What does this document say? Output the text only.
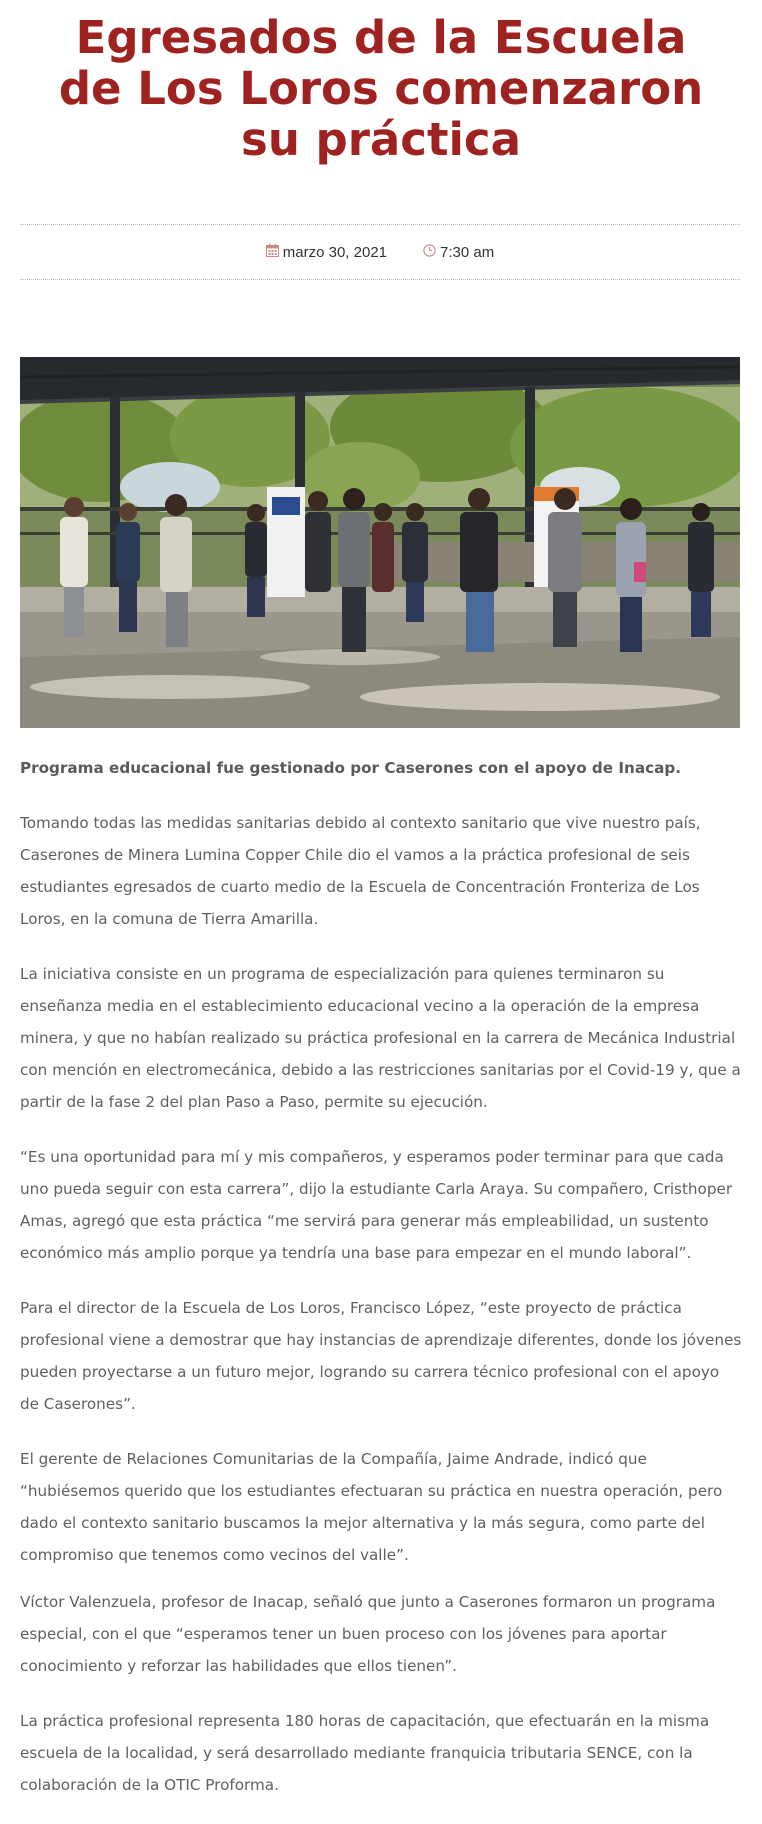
Egresados de la Escuela de Los Loros comenzaron su práctica
marzo 30, 2021	7:30 am

Programa educacional fue gestionado por Caserones con el apoyo de Inacap.

Tomando todas las medidas sanitarias debido al contexto sanitario que vive nuestro país, Caserones de Minera Lumina Copper Chile dio el vamos a la práctica profesional de seis estudiantes egresados de cuarto medio de la Escuela de Concentración Fronteriza de Los Loros, en la comuna de Tierra Amarilla.

La iniciativa consiste en un programa de especialización para quienes terminaron su enseñanza media en el establecimiento educacional vecino a la operación de la empresa minera, y que no habían realizado su práctica profesional en la carrera de Mecánica Industrial con mención en electromecánica, debido a las restricciones sanitarias por el Covid-19 y, que a partir de la fase 2 del plan Paso a Paso, permite su ejecución.

“Es una oportunidad para mí y mis compañeros, y esperamos poder terminar para que cada uno pueda seguir con esta carrera”, dijo la estudiante Carla Araya. Su compañero, Cristhoper Amas, agregó que esta práctica “me servirá para generar más empleabilidad, un sustento económico más amplio porque ya tendría una base para empezar en el mundo laboral”.

Para el director de la Escuela de Los Loros, Francisco López, “este proyecto de práctica profesional viene a demostrar que hay instancias de aprendizaje diferentes, donde los jóvenes pueden proyectarse a un futuro mejor, logrando su carrera técnico profesional con el apoyo de Caserones”.

El gerente de Relaciones Comunitarias de la Compañía, Jaime Andrade, indicó que “hubiésemos querido que los estudiantes efectuaran su práctica en nuestra operación, pero dado el contexto sanitario buscamos la mejor alternativa y la más segura, como parte del compromiso que tenemos como vecinos del valle”.

Víctor Valenzuela, profesor de Inacap, señaló que junto a Caserones formaron un programa especial, con el que “esperamos tener un buen proceso con los jóvenes para aportar conocimiento y reforzar las habilidades que ellos tienen”.

La práctica profesional representa 180 horas de capacitación, que efectuarán en la misma escuela de la localidad, y será desarrollado mediante franquicia tributaria SENCE, con la colaboración de la OTIC Proforma.
